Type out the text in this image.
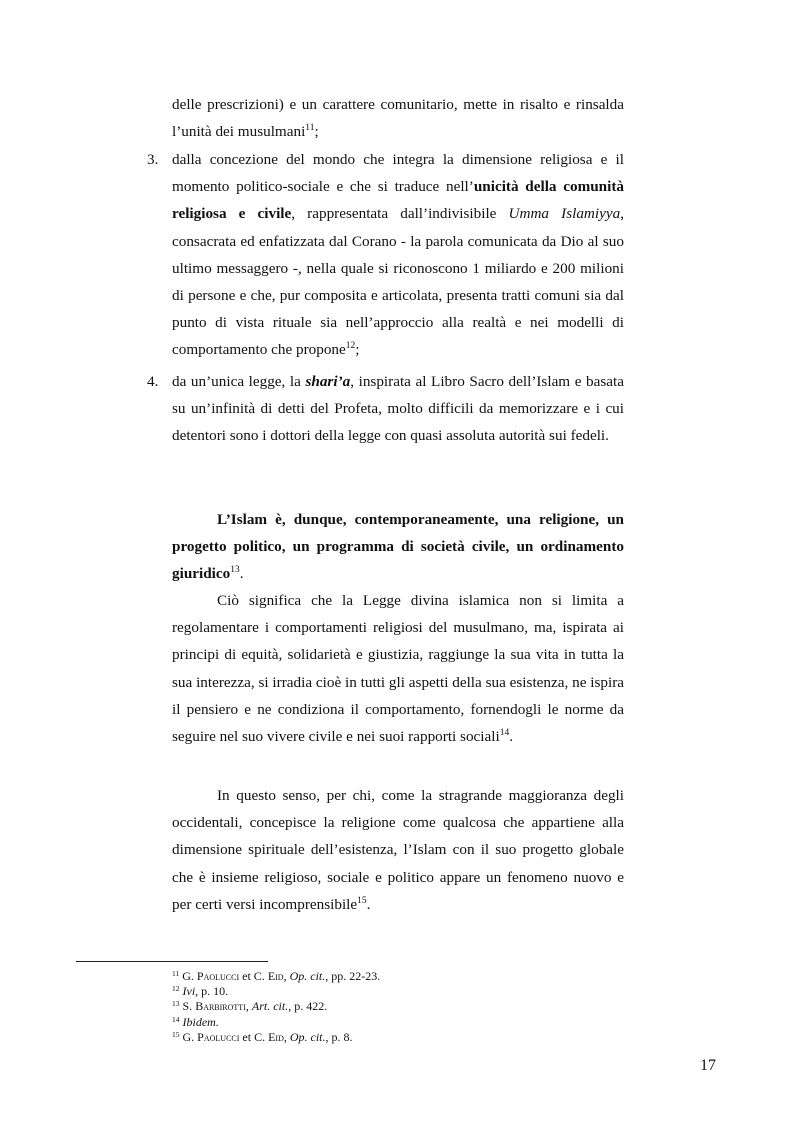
delle prescrizioni) e un carattere comunitario, mette in risalto e rinsalda l’unità dei musulmani$^{11}$;

3. dalla concezione del mondo che integra la dimensione religiosa e il momento politico-sociale e che si traduce nell’unicità della comunità religiosa e civile, rappresentata dall’indivisibile Umma Islamiyya, consacrata ed enfatizzata dal Corano - la parola comunicata da Dio al suo ultimo messaggero -, nella quale si riconoscono 1 miliardo e 200 milioni di persone e che, pur composita e articolata, presenta tratti comuni sia dal punto di vista rituale sia nell’approccio alla realtà e nei modelli di comportamento che propone$^{12}$;

4. da un’unica legge, la shari’a, inspirata al Libro Sacro dell’Islam e basata su un’infinità di detti del Profeta, molto difficili da memorizzare e i cui detentori sono i dottori della legge con quasi assoluta autorità sui fedeli.

L’Islam è, dunque, contemporaneamente, una religione, un progetto politico, un programma di società civile, un ordinamento giuridico$^{13}$.

Ciò significa che la Legge divina islamica non si limita a regolamentare i comportamenti religiosi del musulmano, ma, ispirata ai principi di equità, solidarietà e giustizia, raggiunge la sua vita in tutta la sua interezza, si irradia cioè in tutti gli aspetti della sua esistenza, ne ispira il pensiero e ne condiziona il comportamento, fornendogli le norme da seguire nel suo vivere civile e nei suoi rapporti sociali$^{14}$.

In questo senso, per chi, come la stragrande maggioranza degli occidentali, concepisce la religione come qualcosa che appartiene alla dimensione spirituale dell’esistenza, l’Islam con il suo progetto globale che è insieme religioso, sociale e politico appare un fenomeno nuovo e per certi versi incomprensibile$^{15}$.

$^{11}$ G. Paolucci et C. Eid, Op. cit., pp. 22-23.
$^{12}$ Ivi, p. 10.
$^{13}$ S. Barbirotti, Art. cit., p. 422.
$^{14}$ Ibidem.
$^{15}$ G. Paolucci et C. Eid, Op. cit., p. 8.
17
